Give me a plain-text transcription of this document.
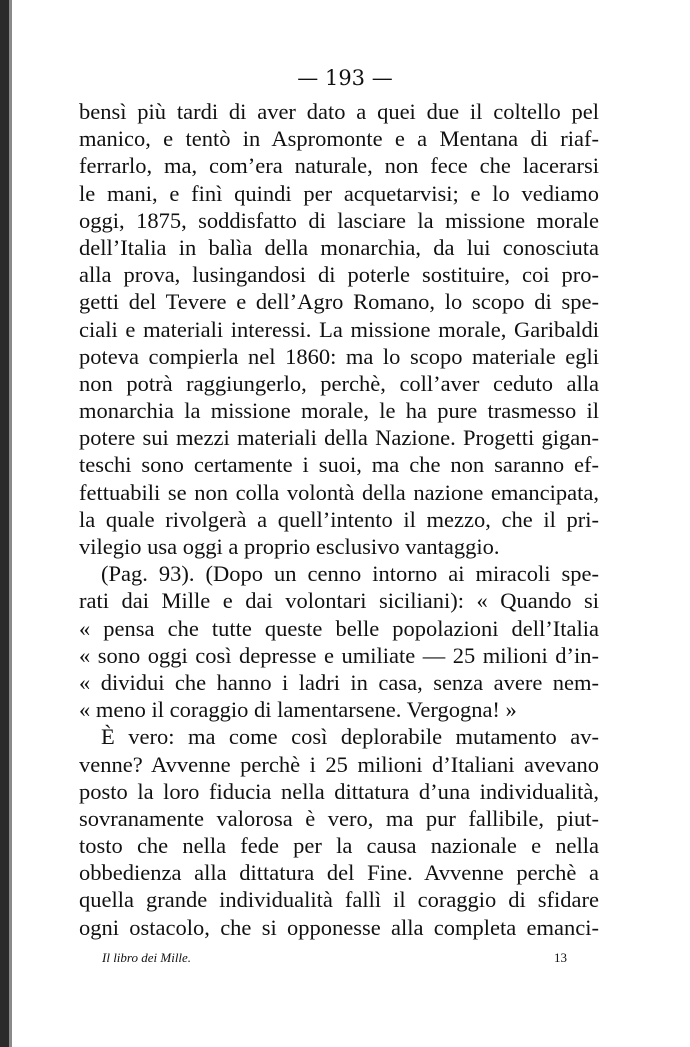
— 193 —
bensì più tardi di aver dato a quei due il coltello pel
manico, e tentò in Aspromonte e a Mentana di riaf-
ferrarlo, ma, com’era naturale, non fece che lacerarsi
le mani, e finì quindi per acquetarvisi; e lo vediamo
oggi, 1875, soddisfatto di lasciare la missione morale
dell’Italia in balìa della monarchia, da lui conosciuta
alla prova, lusingandosi di poterle sostituire, coi pro-
getti del Tevere e dell’Agro Romano, lo scopo di spe-
ciali e materiali interessi. La missione morale, Garibaldi
poteva compierla nel 1860: ma lo scopo materiale egli
non potrà raggiungerlo, perchè, coll’aver ceduto alla
monarchia la missione morale, le ha pure trasmesso il
potere sui mezzi materiali della Nazione. Progetti gigan-
teschi sono certamente i suoi, ma che non saranno ef-
fettuabili se non colla volontà della nazione emancipata,
la quale rivolgerà a quell’intento il mezzo, che il pri-
vilegio usa oggi a proprio esclusivo vantaggio.
(Pag. 93). (Dopo un cenno intorno ai miracoli spe-
rati dai Mille e dai volontari siciliani): « Quando si
« pensa che tutte queste belle popolazioni dell’Italia
« sono oggi così depresse e umiliate — 25 milioni d’in-
« dividui che hanno i ladri in casa, senza avere nem-
« meno il coraggio di lamentarsene. Vergogna! »
È vero: ma come così deplorabile mutamento av-
venne? Avvenne perchè i 25 milioni d’Italiani avevano
posto la loro fiducia nella dittatura d’una individualità,
sovranamente valorosa è vero, ma pur fallibile, piut-
tosto che nella fede per la causa nazionale e nella
obbedienza alla dittatura del Fine. Avvenne perchè a
quella grande individualità fallì il coraggio di sfidare
ogni ostacolo, che si opponesse alla completa emanci-
Il libro dei Mille.	13
